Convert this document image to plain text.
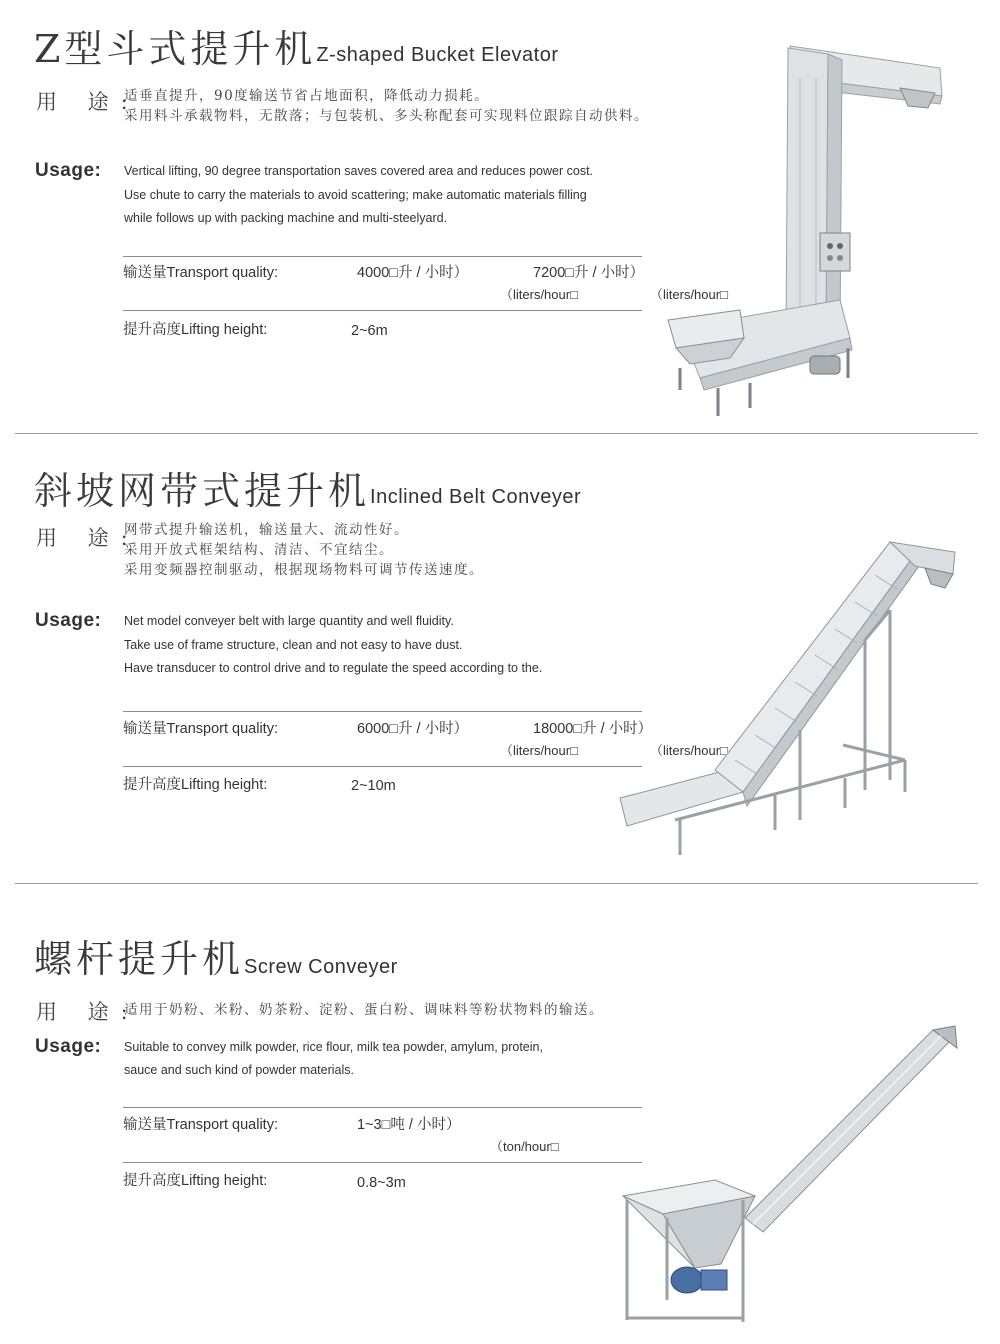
Z型斗式提升机 Z-shaped Bucket Elevator
用 途:
适垂直提升，90度输送节省占地面积，降低动力损耗。
采用料斗承载物料，无散落；与包装机、多头称配套可实现料位跟踪自动供料。
Usage: Vertical lifting, 90 degree transportation saves covered area and reduces power cost.
Use chute to carry the materials to avoid scattering; make automatic materials filling
while follows up with packing machine and multi-steelyard.
输送量Transport quality:	4000□升 / 小时）	7200□升 / 小时）
（liters/hour□	（liters/hour□
提升高度Lifting height:	2~6m
斜坡网带式提升机 Inclined Belt Conveyer
用 途:
网带式提升输送机，输送量大、流动性好。
采用开放式框架结构、清洁、不宜结尘。
采用变频器控制驱动，根据现场物料可调节传送速度。
Usage: Net model conveyer belt with large quantity and well fluidity.
Take use of frame structure, clean and not easy to have dust.
Have transducer to control drive and to regulate the speed according to the.
输送量Transport quality:	6000□升 / 小时）	18000□升 / 小时）
（liters/hour□	（liters/hour□
提升高度Lifting height:	2~10m
螺杆提升机 Screw Conveyer
用 途:
适用于奶粉、米粉、奶茶粉、淀粉、蛋白粉、调味料等粉状物料的输送。
Usage: Suitable to convey milk powder, rice flour, milk tea powder, amylum, protein,
sauce and such kind of powder materials.
输送量Transport quality:	1~3□吨 / 小时）
（ton/hour□
提升高度Lifting height:	0.8~3m
